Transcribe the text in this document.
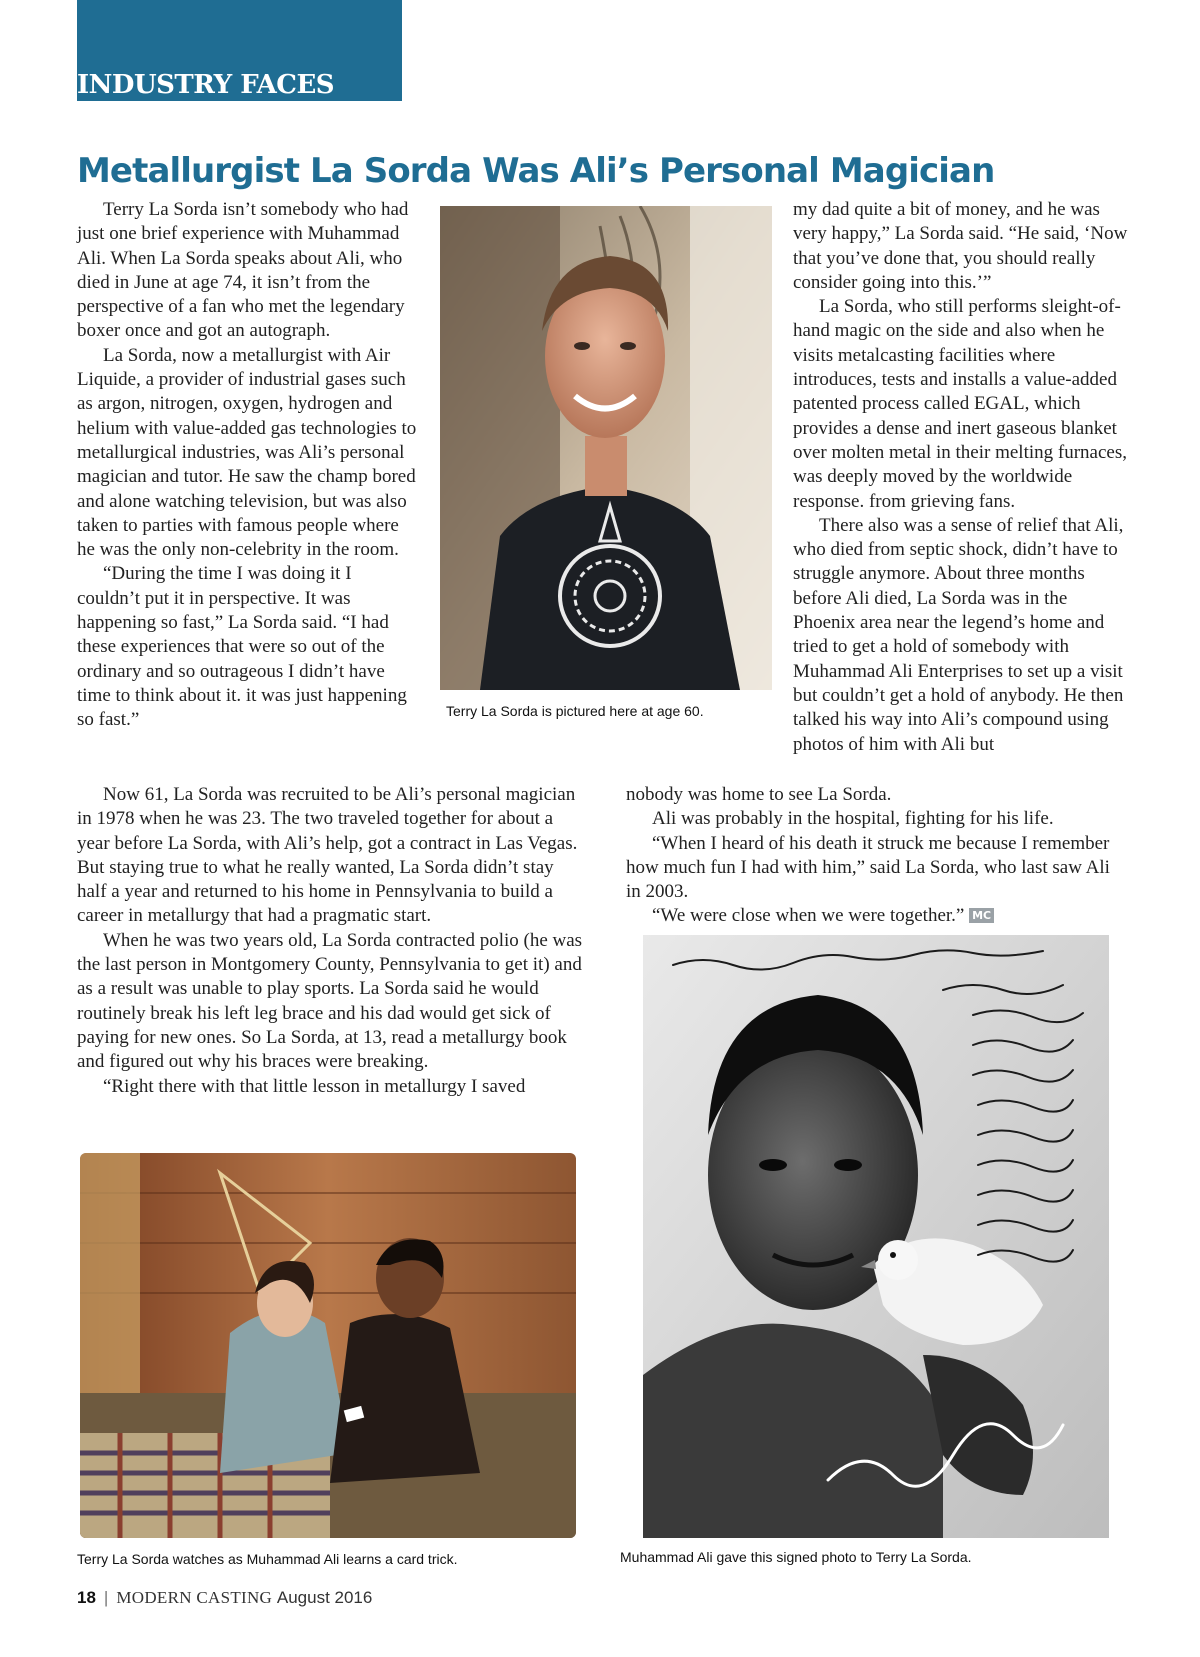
INDUSTRY FACES
Metallurgist La Sorda Was Ali’s Personal Magician

Terry La Sorda isn’t somebody who had just one brief experience with Muhammad Ali. When La Sorda speaks about Ali, who died in June at age 74, it isn’t from the perspective of a fan who met the legendary boxer once and got an autograph.

La Sorda, now a metallurgist with Air Liquide, a provider of industrial gases such as argon, nitrogen, oxygen, hydrogen and helium with value-added gas technologies to metallurgical industries, was Ali’s personal magician and tutor. He saw the champ bored and alone watching television, but was also taken to parties with famous people where he was the only non-celebrity in the room.

“During the time I was doing it I couldn’t put it in perspective. It was happening so fast,” La Sorda said. “I had these experiences that were so out of the ordinary and so outrageous I didn’t have time to think about it. it was just happening so fast.”	Terry La Sorda is pictured here at age 60.

my dad quite a bit of money, and he was very happy,” La Sorda said. “He said, ‘Now that you’ve done that, you should really consider going into this.’”

La Sorda, who still performs sleight-of-hand magic on the side and also when he visits metalcasting facilities where introduces, tests and installs a value-added patented process called EGAL, which provides a dense and inert gaseous blanket over molten metal in their melting furnaces, was deeply moved by the worldwide response. from grieving fans.

There also was a sense of relief that Ali, who died from septic shock, didn’t have to struggle anymore. About three months before Ali died, La Sorda was in the Phoenix area near the legend’s home and tried to get a hold of somebody with Muhammad Ali Enterprises to set up a visit but couldn’t get a hold of anybody. He then talked his way into Ali’s compound using photos of him with Ali but

Now 61, La Sorda was recruited to be Ali’s personal magician in 1978 when he was 23. The two traveled together for about a year before La Sorda, with Ali’s help, got a contract in Las Vegas. But staying true to what he really wanted, La Sorda didn’t stay half a year and returned to his home in Pennsylvania to build a career in metallurgy that had a pragmatic start.

When he was two years old, La Sorda contracted polio (he was the last person in Montgomery County, Pennsylvania to get it) and as a result was unable to play sports. La Sorda said he would routinely break his left leg brace and his dad would get sick of paying for new ones. So La Sorda, at 13, read a metallurgy book and figured out why his braces were breaking.

“Right there with that little lesson in metallurgy I saved

nobody was home to see La Sorda.

Ali was probably in the hospital, fighting for his life.

“When I heard of his death it struck me because I remember how much fun I had with him,” said La Sorda, who last saw Ali in 2003.

“We were close when we were together.” MC

Terry La Sorda watches as Muhammad Ali learns a card trick.	Muhammad Ali gave this signed photo to Terry La Sorda.
18 | MODERN CASTING August 2016
